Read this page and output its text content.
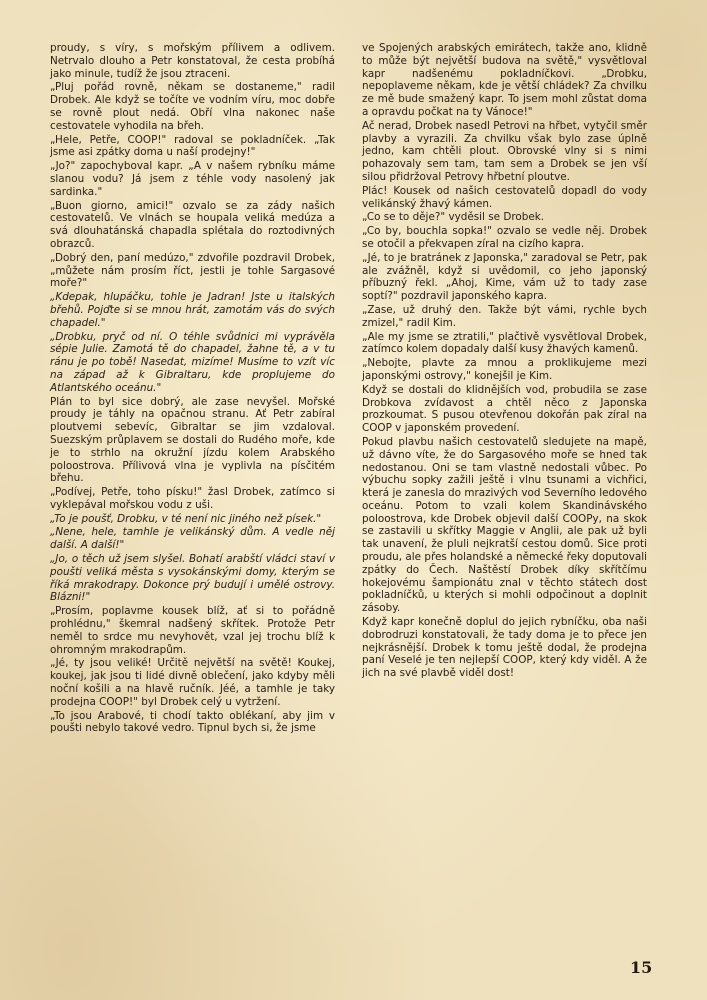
proudy, s víry, s mořským přílivem a odlivem. Netrvalo dlouho a Petr konstatoval, že cesta probíhá jako minule, tudíž že jsou ztraceni.

„Pluj pořád rovně, někam se dostaneme," radil Drobek. Ale když se točíte ve vodním víru, moc dobře se rovně plout nedá. Obří vlna nakonec naše cestovatele vyhodila na břeh.

„Hele, Petře, COOP!" radoval se pokladníček. „Tak jsme asi zpátky doma u naší prodejny!"

„Jo?" zapochyboval kapr. „A v našem rybníku máme slanou vodu? Já jsem z téhle vody nasolený jak sardinka."

„Buon giorno, amici!" ozvalo se za zády našich cestovatelů. Ve vlnách se houpala veliká medúza a svá dlouhatánská chapadla splétala do roztodivných obrazců.

„Dobrý den, paní medúzo," zdvořile pozdravil Drobek, „můžete nám prosím říct, jestli je tohle Sargasové moře?"

„Kdepak, hlupáčku, tohle je Jadran! Jste u italských břehů. Pojďte si se mnou hrát, zamotám vás do svých chapadel."

„Drobku, pryč od ní. O téhle svůdnici mi vyprávěla sépie Julie. Zamotá tě do chapadel, žahne tě, a v tu ránu je po tobě! Nasedat, mizíme! Musíme to vzít víc na západ až k Gibraltaru, kde proplujeme do Atlantského oceánu."

Plán to byl sice dobrý, ale zase nevyšel. Mořské proudy je táhly na opačnou stranu. Ať Petr zabíral ploutvemi sebevíc, Gibraltar se jim vzdaloval. Suezským průplavem se dostali do Rudého moře, kde je to strhlo na okružní jízdu kolem Arabského poloostrova. Přílivová vlna je vyplivla na písčitém břehu.

„Podívej, Petře, toho písku!" žasl Drobek, zatímco si vyklepával mořskou vodu z uši.

„To je poušť, Drobku, v té není nic jiného než písek."

„Nene, hele, tamhle je velikánský dům. A vedle něj další. A další!"

„Jo, o těch už jsem slyšel. Bohatí arabští vládci staví v poušti veliká města s vysokánskými domy, kterým se říká mrakodrapy. Dokonce prý budují i umělé ostrovy. Blázni!"

„Prosím, poplavme kousek blíž, ať si to pořádně prohlédnu," škemral nadšený skřítek. Protože Petr neměl to srdce mu nevyhovět, vzal jej trochu blíž k ohromným mrakodrapům.

„Jé, ty jsou veliké! Určitě největší na světě! Koukej, koukej, jak jsou ti lidé divně oblečení, jako kdyby měli noční košili a na hlavě ručník. Jéé, a tamhle je taky prodejna COOP!" byl Drobek celý u vytržení.

„To jsou Arabové, ti chodí takto oblékaní, aby jim v poušti nebylo takové vedro. Tipnul bych si, že jsme

ve Spojených arabských emirátech, takže ano, klidně to může být největší budova na světě," vysvětloval kapr nadšenému pokladníčkovi. „Drobku, nepoplaveme někam, kde je větší chládek? Za chvilku ze mě bude smažený kapr. To jsem mohl zůstat doma a opravdu počkat na ty Vánoce!"

Ač nerad, Drobek nasedl Petrovi na hřbet, vytyčil směr plavby a vyrazili. Za chvilku však bylo zase úplně jedno, kam chtěli plout. Obrovské vlny si s nimi pohazovaly sem tam, tam sem a Drobek se jen vší silou přidržoval Petrovy hřbetní ploutve.

Plác! Kousek od našich cestovatelů dopadl do vody velikánský žhavý kámen.

„Co se to děje?" vyděsil se Drobek.

„Co by, bouchla sopka!" ozvalo se vedle něj. Drobek se otočil a překvapen zíral na cizího kapra.

„Jé, to je bratránek z Japonska," zaradoval se Petr, pak ale zvážněl, když si uvědomil, co jeho japonský příbuzný řekl. „Ahoj, Kime, vám už to tady zase soptí?" pozdravil japonského kapra.

„Zase, už druhý den. Takže být vámi, rychle bych zmizel," radil Kim.

„Ale my jsme se ztratili," plačtivě vysvětloval Drobek, zatímco kolem dopadaly další kusy žhavých kamenů.

„Nebojte, plavte za mnou a proklikujeme mezi japonskými ostrovy," konejšil je Kim.

Když se dostali do klidnějších vod, probudila se zase Drobkova zvídavost a chtěl něco z Japonska prozkoumat. S pusou otevřenou dokořán pak zíral na COOP v japonském provedení.

Pokud plavbu našich cestovatelů sledujete na mapě, už dávno víte, že do Sargasového moře se hned tak nedostanou. Oni se tam vlastně nedostali vůbec. Po výbuchu sopky zažili ještě i vlnu tsunami a vichřici, která je zanesla do mrazivých vod Severního ledového oceánu. Potom to vzali kolem Skandinávského poloostrova, kde Drobek objevil další COOPy, na skok se zastavili u skřítky Maggie v Anglii, ale pak už byli tak unavení, že pluli nejkratší cestou domů. Sice proti proudu, ale přes holandské a německé řeky doputovali zpátky do Čech. Naštěstí Drobek díky skřítčímu hokejovému šampionátu znal v těchto státech dost pokladníčků, u kterých si mohli odpočinout a doplnit zásoby.

Když kapr konečně doplul do jejich rybníčku, oba naši dobrodruzi konstatovali, že tady doma je to přece jen nejkrásnější. Drobek k tomu ještě dodal, že prodejna paní Veselé je ten nejlepší COOP, který kdy viděl. A že jich na své plavbě viděl dost!

15
